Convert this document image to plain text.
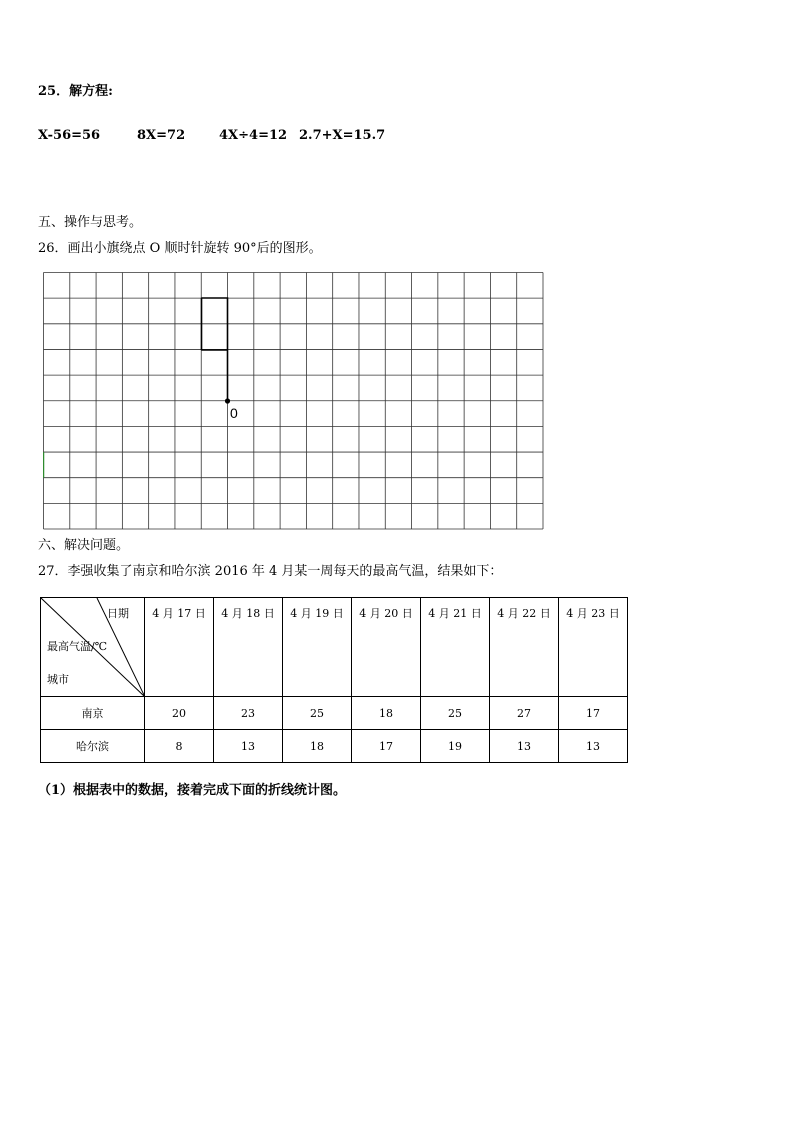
25．解方程:
X-56=56	8X=72	4X÷4=12 2.7+X=15.7
五、操作与思考。
26．画出小旗绕点 O 顺时针旋转 90°后的图形。
0
六、解决问题。
27．李强收集了南京和哈尔滨 2016 年 4 月某一周每天的最高气温，结果如下：
日期
最高气温/℃
城市	4 月 17 日	4 月 18 日	4 月 19 日	4 月 20 日	4 月 21 日	4 月 22 日	4 月 23 日
南京	20	23	25	18	25	27	17
哈尔滨	8	13	18	17	19	13	13
（1）根据表中的数据，接着完成下面的折线统计图。
